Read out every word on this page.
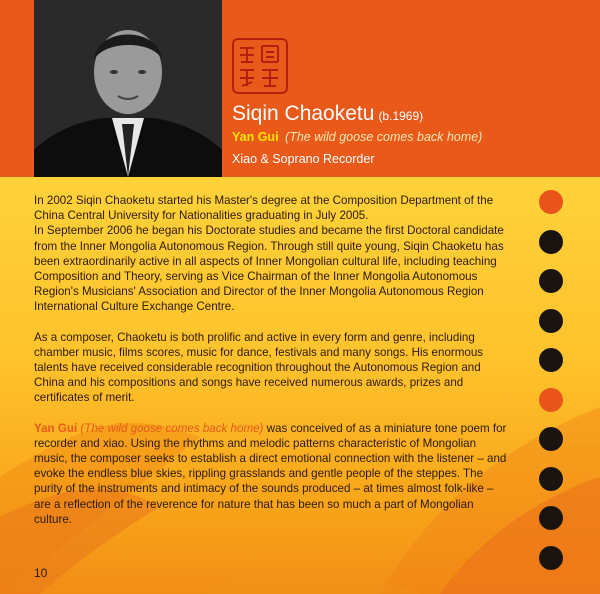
Siqin Chaoketu (b.1969)
Yan Gui (The wild goose comes back home)
Xiao & Soprano Recorder

In 2002 Siqin Chaoketu started his Master's degree at the Composition Department of the China Central University for Nationalities graduating in July 2005.

In September 2006 he began his Doctorate studies and became the first Doctoral candidate from the Inner Mongolia Autonomous Region. Through still quite young, Siqin Chaoketu has been extraordinarily active in all aspects of Inner Mongolian cultural life, including teaching Composition and Theory, serving as Vice Chairman of the Inner Mongolia Autonomous Region's Musicians' Association and Director of the Inner Mongolia Autonomous Region International Culture Exchange Centre.

As a composer, Chaoketu is both prolific and active in every form and genre, including chamber music, films scores, music for dance, festivals and many songs. His enormous talents have received considerable recognition throughout the Autonomous Region and China and his compositions and songs have received numerous awards, prizes and certificates of merit.

Yan Gui (The wild goose comes back home) was conceived of as a miniature tone poem for recorder and xiao. Using the rhythms and melodic patterns characteristic of Mongolian music, the composer seeks to establish a direct emotional connection with the listener – and evoke the endless blue skies, rippling grasslands and gentle people of the steppes. The purity of the instruments and intimacy of the sounds produced – at times almost folk-like – are a reflection of the reverence for nature that has been so much a part of Mongolian culture.

10
